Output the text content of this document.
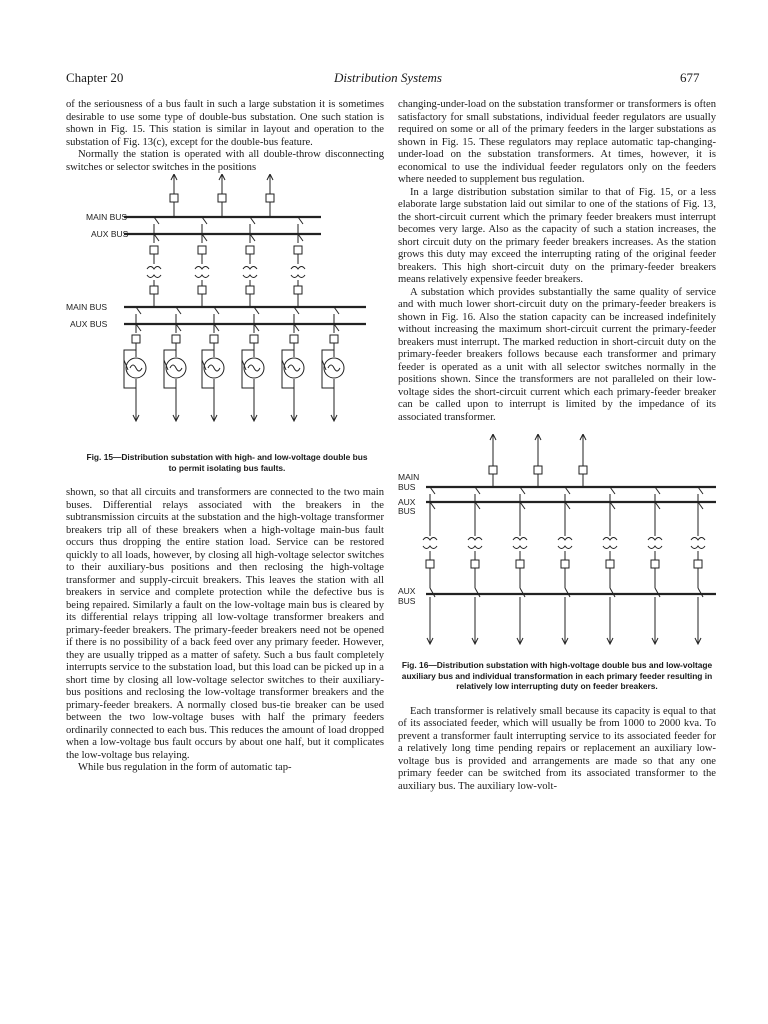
Chapter 20	Distribution Systems	677

of the seriousness of a bus fault in such a large substation it is sometimes desirable to use some type of double-bus substation. One such station is shown in Fig. 15. This station is similar in layout and operation to the substation of Fig. 13(c), except for the double-bus feature.

Normally the station is operated with all double-throw disconnecting switches or selector switches in the positions

MAIN BUS
AUX BUS
MAIN BUS
AUX BUS
Fig. 15—Distribution substation with high- and low-voltage double bus to permit isolating bus faults.

shown, so that all circuits and transformers are connected to the two main buses. Differential relays associated with the breakers in the subtransmission circuits at the substation and the high-voltage transformer breakers trip all of these breakers when a high-voltage main-bus fault occurs thus dropping the entire station load. Service can be restored quickly to all loads, however, by closing all high-voltage selector switches to their auxiliary-bus positions and then reclosing the high-voltage transformer and supply-circuit breakers. This leaves the station with all breakers in service and complete protection while the defective bus is being repaired. Similarly a fault on the low-voltage main bus is cleared by its differential relays tripping all low-voltage transformer breakers and primary-feeder breakers. The primary-feeder breakers need not be opened if there is no possibility of a back feed over any primary feeder. However, they are usually tripped as a matter of safety. Such a bus fault completely interrupts service to the substation load, but this load can be picked up in a short time by closing all low-voltage selector switches to their auxiliary-bus positions and reclosing the low-voltage transformer breakers and the primary-feeder breakers. A normally closed bus-tie breaker can be used between the two low-voltage buses with half the primary feeders ordinarily connected to each bus. This reduces the amount of load dropped when a low-voltage bus fault occurs by about one half, but it complicates the low-voltage bus relaying.

While bus regulation in the form of automatic tap-

changing-under-load on the substation transformer or transformers is often satisfactory for small substations, individual feeder regulators are usually required on some or all of the primary feeders in the larger substations as shown in Fig. 15. These regulators may replace automatic tap-changing-under-load on the substation transformers. At times, however, it is economical to use the individual feeder regulators only on the feeders where needed to supplement bus regulation.

In a large distribution substation similar to that of Fig. 15, or a less elaborate large substation laid out similar to one of the stations of Fig. 13, the short-circuit current which the primary feeder breakers must interrupt becomes very large. Also as the capacity of such a station increases, the short circuit duty on the primary feeder breakers increases. As the station grows this duty may exceed the interrupting rating of the original feeder breakers. This high short-circuit duty on the primary-feeder breakers means relatively expensive feeder breakers.

A substation which provides substantially the same quality of service and with much lower short-circuit duty on the primary-feeder breakers is shown in Fig. 16. Also the station capacity can be increased indefinitely without increasing the maximum short-circuit current the primary-feeder breakers must interrupt. The marked reduction in short-circuit duty on the primary-feeder breakers follows because each transformer and primary feeder is operated as a unit with all selector switches normally in the positions shown. Since the transformers are not paralleled on their low-voltage sides the short-circuit current which each primary-feeder breaker can be called upon to interrupt is limited by the impedance of its associated transformer.

MAIN
BUS
AUX
BUS
AUX
BUS
Fig. 16—Distribution substation with high-voltage double bus and low-voltage auxiliary bus and individual transformation in each primary feeder resulting in relatively low interrupting duty on feeder breakers.

Each transformer is relatively small because its capacity is equal to that of its associated feeder, which will usually be from 1000 to 2000 kva. To prevent a transformer fault interrupting service to its associated feeder for a relatively long time pending repairs or replacement an auxiliary low-voltage bus is provided and arrangements are made so that any one primary feeder can be switched from its associated transformer to the auxiliary bus. The auxiliary low-volt-
